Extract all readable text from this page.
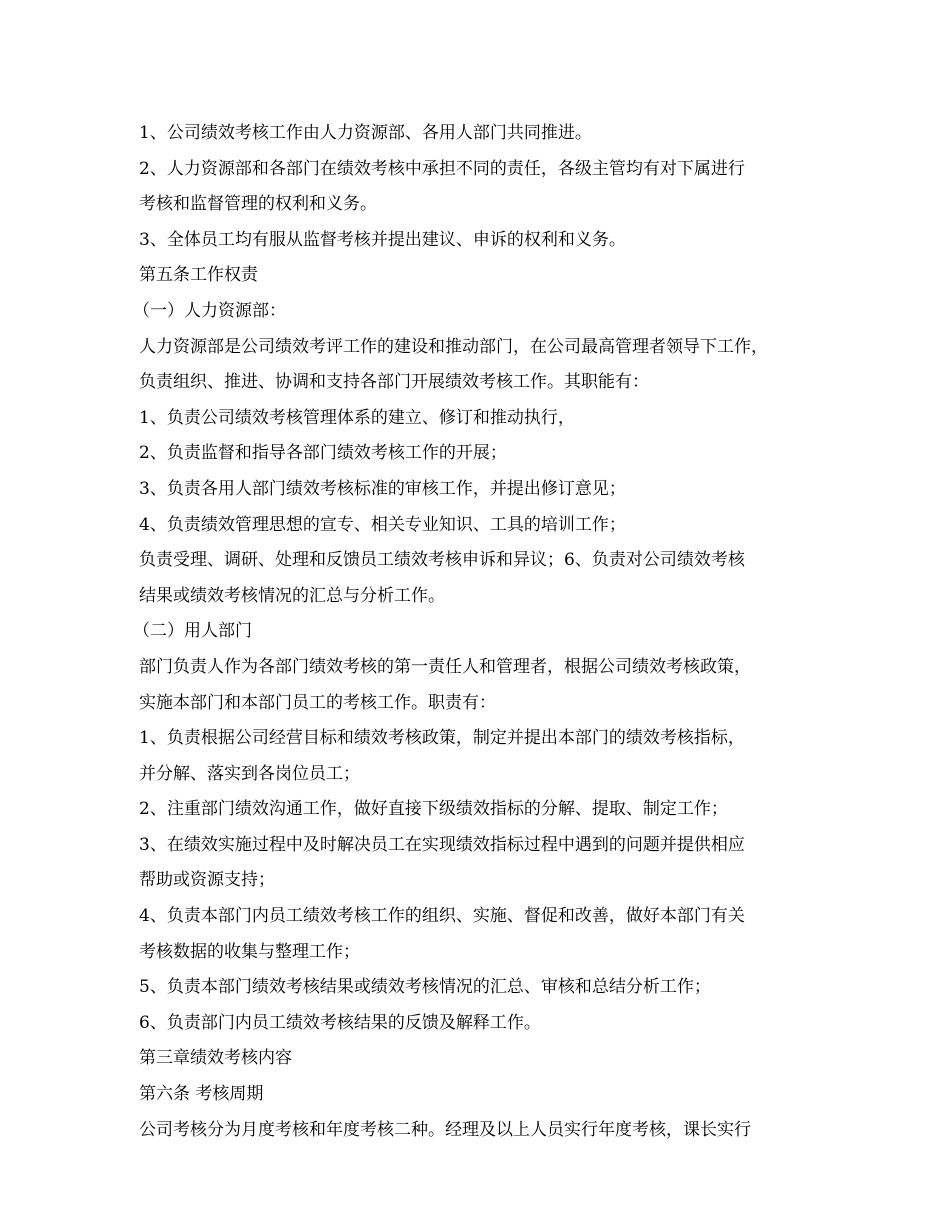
1、公司绩效考核工作由人力资源部、各用人部门共同推进。

2、人力资源部和各部门在绩效考核中承担不同的责任，各级主管均有对下属进行

考核和监督管理的权利和义务。

3、全体员工均有服从监督考核并提出建议、申诉的权利和义务。

第五条工作权责

（一）人力资源部：

人力资源部是公司绩效考评工作的建设和推动部门，在公司最高管理者领导下工作，

负责组织、推进、协调和支持各部门开展绩效考核工作。其职能有：

1、负责公司绩效考核管理体系的建立、修订和推动执行，

2、负责监督和指导各部门绩效考核工作的开展；

3、负责各用人部门绩效考核标准的审核工作，并提出修订意见；

4、负责绩效管理思想的宣专、相关专业知识、工具的培训工作；

负责受理、调研、处理和反馈员工绩效考核申诉和异议；6、负责对公司绩效考核

结果或绩效考核情况的汇总与分析工作。

（二）用人部门

部门负责人作为各部门绩效考核的第一责任人和管理者，根据公司绩效考核政策，

实施本部门和本部门员工的考核工作。职责有：

1、负责根据公司经营目标和绩效考核政策，制定并提出本部门的绩效考核指标，

并分解、落实到各岗位员工；

2、注重部门绩效沟通工作，做好直接下级绩效指标的分解、提取、制定工作；

3、在绩效实施过程中及时解决员工在实现绩效指标过程中遇到的问题并提供相应

帮助或资源支持；

4、负责本部门内员工绩效考核工作的组织、实施、督促和改善，做好本部门有关

考核数据的收集与整理工作；

5、负责本部门绩效考核结果或绩效考核情况的汇总、审核和总结分析工作；

6、负责部门内员工绩效考核结果的反馈及解释工作。

第三章绩效考核内容

第六条 考核周期

公司考核分为月度考核和年度考核二种。经理及以上人员实行年度考核，课长实行
